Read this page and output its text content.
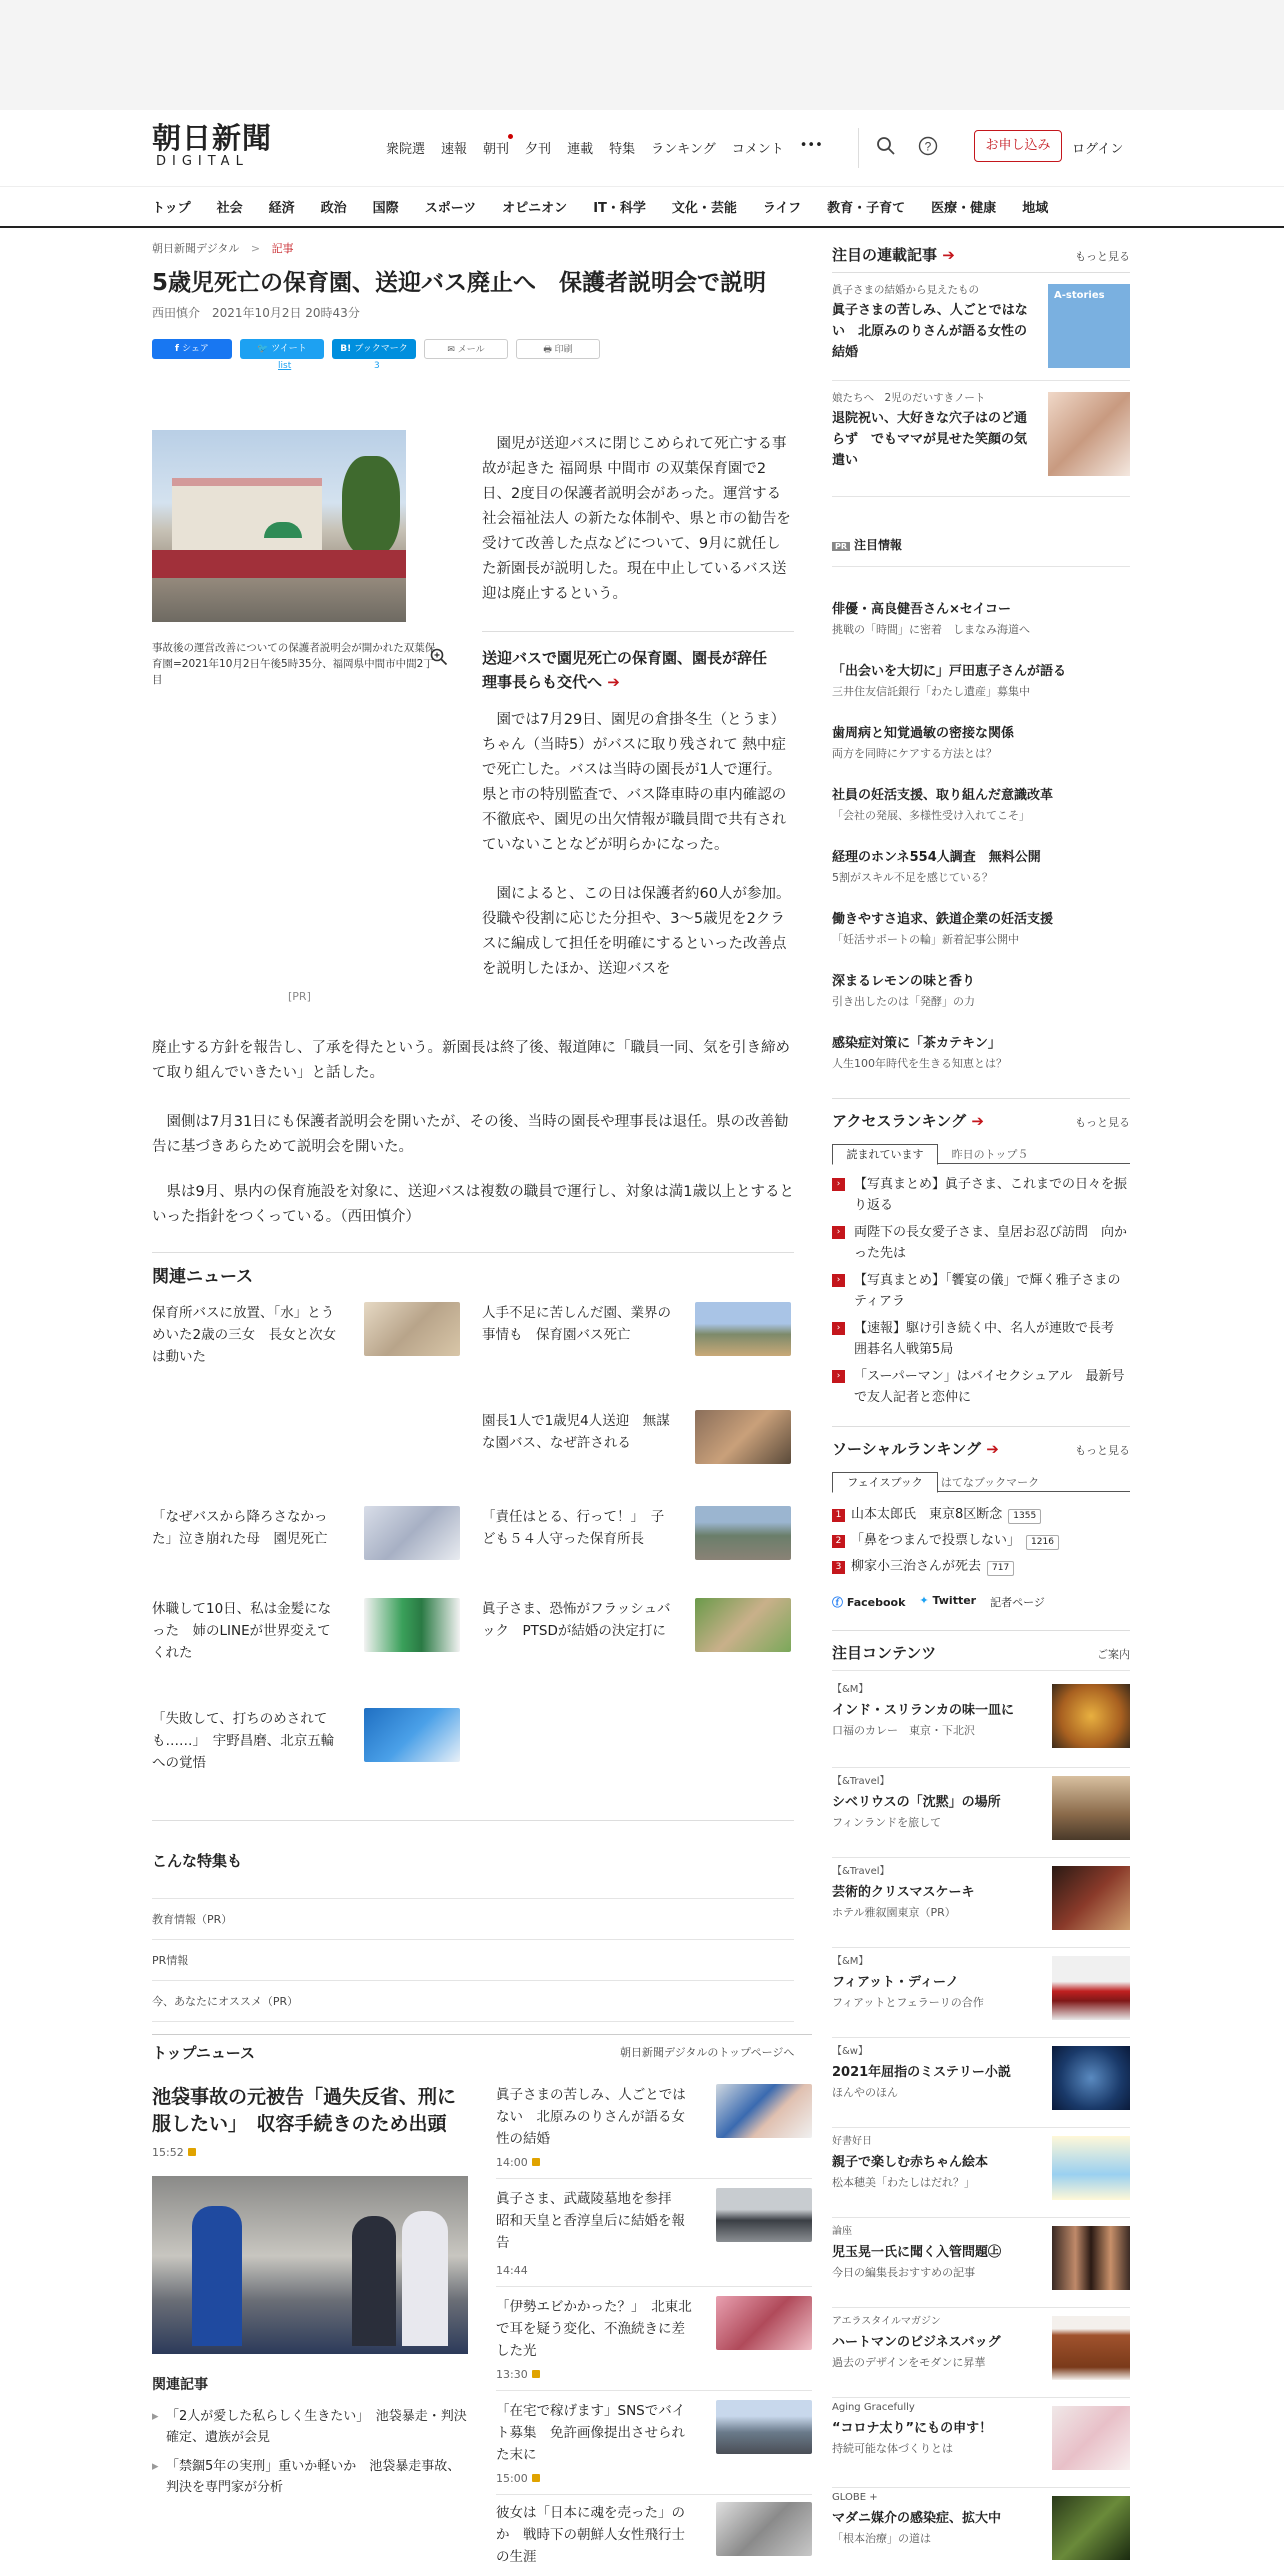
朝日新聞
DIGITAL
衆院選 速報 朝刊 夕刊 連載 特集 ランキング コメント •••	?	お申し込み	ログイン
トップ 社会 経済 政治 国際 スポーツ オピニオン IT・科学 文化・芸能 ライフ 教育・子育て 医療・健康 地域
朝日新聞デジタル > 記事
5歳児死亡の保育園、送迎バス廃止へ　保護者説明会で説明
西田慎介 2021年10月2日 20時43分
f シェア	🐦 ツイート	B! ブックマーク	✉ メール	🖶 印刷
list	3
事故後の運営改善についての保護者説明会が開かれた双葉保育園=2021年10月2日午後5時35分、福岡県中間市中間2丁目

園児が送迎バスに閉じこめられて死亡する事故が起きた 福岡県 中間市 の双葉保育園で2日、2度目の保護者説明会があった。運営する 社会福祉法人 の新たな体制や、県と市の勧告を受けて改善した点などについて、9月に就任した新園長が説明した。現在中止しているバス送迎は廃止するという。

送迎バスで園児死亡の保育園、園長が辞任　理事長らも交代へ ➔

園では7月29日、園児の倉掛冬生（とうま）ちゃん（当時5）がバスに取り残されて 熱中症 で死亡した。バスは当時の園長が1人で運行。県と市の特別監査で、バス降車時の車内確認の不徹底や、園児の出欠情報が職員間で共有されていないことなどが明らかになった。

園によると、この日は保護者約60人が参加。役職や役割に応じた分担や、3～5歳児を2クラスに編成して担任を明確にするといった改善点を説明したほか、送迎バスを

[PR]

廃止する方針を報告し、了承を得たという。新園長は終了後、報道陣に「職員一同、気を引き締めて取り組んでいきたい」と話した。

園側は7月31日にも保護者説明会を開いたが、その後、当時の園長や理事長は退任。県の改善勧告に基づきあらためて説明会を開いた。

県は9月、県内の保育施設を対象に、送迎バスは複数の職員で運行し、対象は満1歳以上とするといった指針をつくっている。（西田慎介）

関連ニュース
保育所バスに放置、「水」とうめいた2歳の三女　長女と次女は動いた
人手不足に苦しんだ園、業界の事情も　保育園バス死亡
園長1人で1歳児4人送迎　無謀な園バス、なぜ許される
「なぜバスから降ろさなかった」泣き崩れた母　園児死亡
「責任はとる、行って！」　子ども５４人守った保育所長
休職して10日、私は金髪になった　姉のLINEが世界変えてくれた
眞子さま、恐怖がフラッシュバック　PTSDが結婚の決定打に
「失敗して、打ちのめされても……」　宇野昌磨、北京五輪への覚悟
こんな特集も
教育情報（PR）
PR情報
今、あなたにオススメ（PR）
トップニュース	朝日新聞デジタルのトップページへ
池袋事故の元被告「過失反省、刑に服したい」　収容手続きのため出頭
15:52
関連記事
▸ 「2人が愛した私らしく生きたい」　池袋暴走・判決確定、遺族が会見
▸ 「禁錮5年の実刑」重いか軽いか　池袋暴走事故、判決を専門家が分析
眞子さまの苦しみ、人ごとではない　北原みのりさんが語る女性の結婚
14:00
眞子さま、武蔵陵墓地を参拝　昭和天皇と香淳皇后に結婚を報告
14:44
「伊勢エビかかった？」　北東北で耳を疑う変化、不漁続きに差した光
13:30
「在宅で稼げます」SNSでバイト募集　免許画像提出させられた末に
15:00
彼女は「日本に魂を売った」の か　戦時下の朝鮮人女性飛行士の生涯
注目の連載記事 ➔	もっと見る
眞子さまの結婚から見えたもの
眞子さまの苦しみ、人ごとではない　北原みのりさんが語る女性の結婚
A-stories
娘たちへ　2児のだいすきノート
退院祝い、大好きな穴子はのど通らず　でもママが見せた笑顔の気遣い
PR 注目情報
俳優・高良健吾さん×セイコー
挑戦の「時間」に密着　しまなみ海道へ
「出会いを大切に」戸田恵子さんが語る
三井住友信託銀行「わたし遺産」募集中
歯周病と知覚過敏の密接な関係
両方を同時にケアする方法とは？
社員の妊活支援、取り組んだ意識改革
「会社の発展、多様性受け入れてこそ」
経理のホンネ554人調査　無料公開
5割がスキル不足を感じている？
働きやすさ追求、鉄道企業の妊活支援
「妊活サポートの輪」新着記事公開中
深まるレモンの味と香り
引き出したのは「発酵」の力
感染症対策に「茶カテキン」
人生100年時代を生きる知恵とは？
アクセスランキング ➔	もっと見る
読まれています	昨日のトップ５
›	【写真まとめ】眞子さま、これまでの日々を振り返る
›	両陛下の長女愛子さま、皇居お忍び訪問　向かった先は
›	【写真まとめ】「饗宴の儀」で輝く雅子さまのティアラ
›	【速報】駆け引き続く中、名人が連敗で長考　囲碁名人戦第5局
›	「スーパーマン」はバイセクシュアル　最新号で友人記者と恋仲に
ソーシャルランキング ➔	もっと見る
フェイスブック	はてなブックマーク
1 山本太郎氏　東京8区断念 1355
2 「鼻をつまんで投票しない」 1216
3 柳家小三治さんが死去 717
ⓕ Facebook ✦ Twitter 記者ページ
注目コンテンツ	ご案内
【&M】
インド・スリランカの味一皿に
口福のカレー　東京・下北沢
【&Travel】
シベリウスの「沈黙」の場所
フィンランドを旅して
【&Travel】
芸術的クリスマスケーキ
ホテル雅叙園東京（PR）
【&M】
フィアット・ディーノ
フィアットとフェラーリの合作
【&w】
2021年屈指のミステリー小説
ほんやのほん
好書好日
親子で楽しむ赤ちゃん絵本
松本穂美「わたしはだれ？」
論座
児玉晃一氏に聞く入管問題㊤
今日の編集長おすすめの記事
アエラスタイルマガジン
ハートマンのビジネスバッグ
過去のデザインをモダンに昇華
Aging Gracefully
“コロナ太り”にもの申す！
持続可能な体づくりとは
GLOBE +
マダニ媒介の感染症、拡大中
「根本治療」の道は
